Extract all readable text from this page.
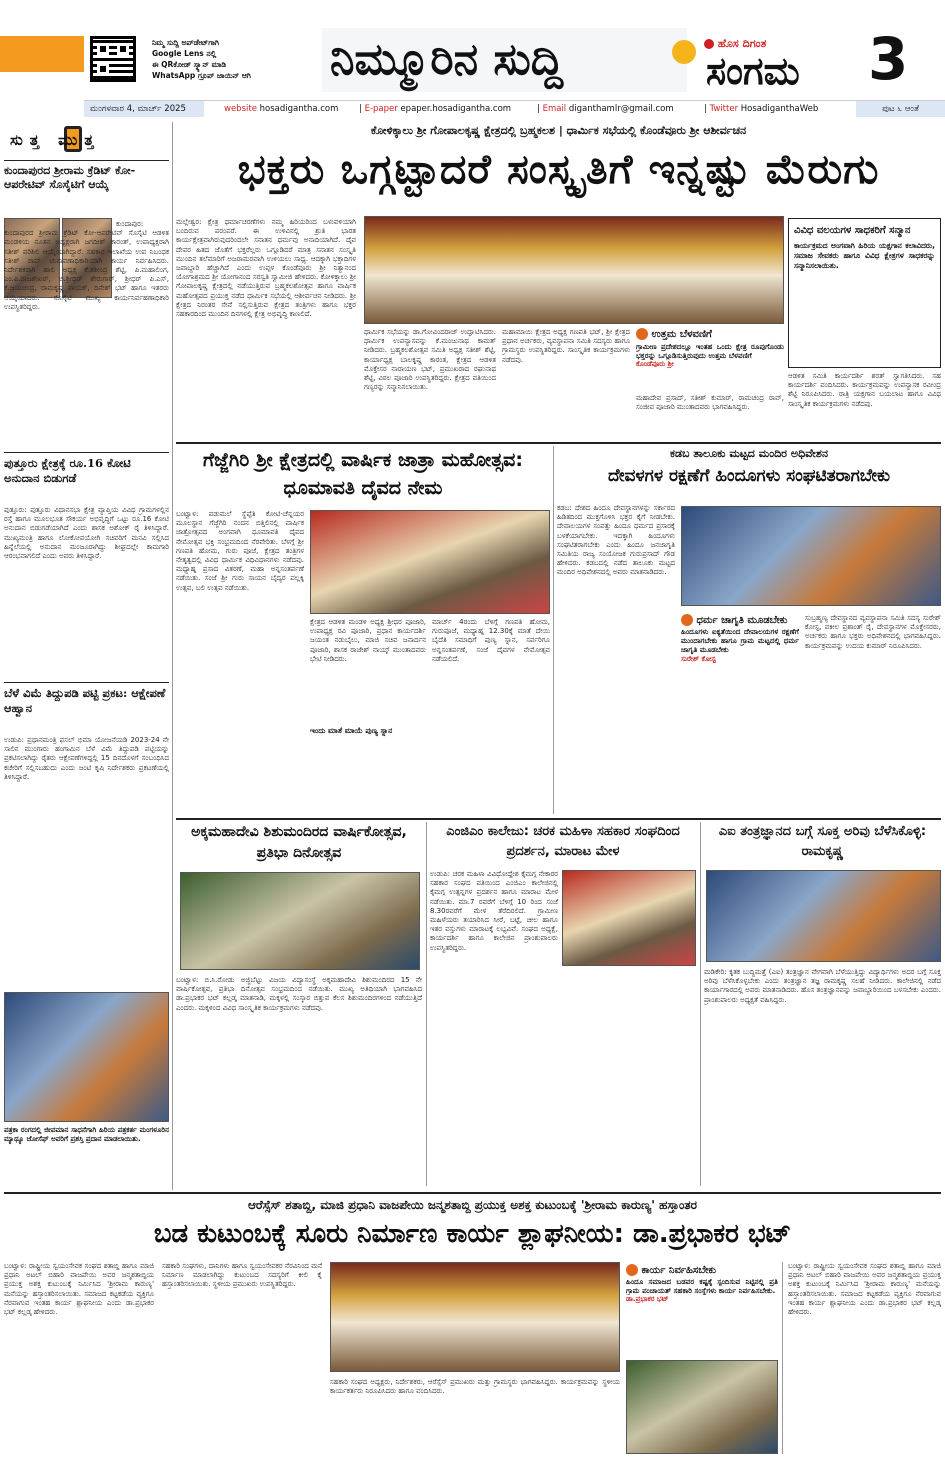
ನಿಮ್ಮ ಸುದ್ದಿ ಅಪ್‌ಡೇಟ್‌ಗಾಗಿ
Google Lens ನಲ್ಲಿ
ಈ QRಕೋಡ್ ಸ್ಕ್ಯಾನ್ ಮಾಡಿ
WhatsApp ಗ್ರೂಪ್ ಜಾಯಿನ್ ಆಗಿ	ನಿಮ್ಮೂರಿನ ಸುದ್ದಿ	ಹೊಸ ದಿಗಂತ
ಸಂಗಮ 3
ಮಂಗಳವಾರ 4, ಮಾರ್ಚ್ 2025	website hosadigantha.com | E-paper epaper.hosadigantha.com	| Email diganthamlr@gmail.com	| Twitter HosadiganthaWeb	ಪುಟ ೬ ಆಂತೆ
ಸುತ್ತ ಮುತ್ತ
ಕುಂದಾಪುರದ ಶ್ರೀರಾಮ ಕ್ರೆಡಿಟ್ ಕೋ-ಆಪರೇಟಿವ್ ಸೊಸೈಟಿಗೆ ಆಯ್ಕೆ
ಕುಂದಾಪುರ: ಕುಂದಾಪುರದ ಶ್ರೀರಾಮ ಕ್ರೆಡಿಟ್ ಕೋ-ಆಪರೇಟಿವ್ ಸೊಸೈಟಿ ಆಡಳಿತ ಮಂಡಳಿಯ ನೂತನ ಅಧ್ಯಕ್ಷರಾಗಿ ಜಗದೀಶ್ ಕಾರಂತ್, ಉಪಾಧ್ಯಕ್ಷರಾಗಿ ಸತೀಶ್ ಪರಿಶಿಲಿ ಆಯ್ಕೆಯಾಗಿದ್ದಾರೆ. ಸಹಕಾರ ಇಲಾಖೆಯ ಉಪ ನಿಬಂಧಕ ಸತೀಶ್ ರಾವ್ ಚುನಾವಣಾಧಿಕಾರಿಯಾಗಿ ಕಾರ್ಯ ನಿರ್ವಹಿಸಿದರು. ನಿರ್ದೇಶಕರಾಗಿ ಹಾಲಿ ಅಧ್ಯಕ್ಷ ಕೆ.ಶಶೀಂದ್ರ ಶೆಟ್ಟಿ, ಪಿ.ಮಹಾಲಿಂಗ, ಎಂ.ಪಿ.ರಾಜಶೇಖರ್, ಬಿ.ಶ್ರೀಧರ್ ಶೇರುಗಾರ್, ಶ್ರೀಧರ್ ಪಿ.ಎಸ್, ಕೆ.ಜಯಚಂದ್ರ, ರಾಮಕೃಷ್ಣ ನಾಯಕ್, ದಿನೇಶ್ ಭಟ್ ಹಾಗೂ ಇತರರು ಆಯ್ಕೆಯಾದರು. ಸೊಸೈಟಿ ಮುಖ್ಯ ಕಾರ್ಯನಿರ್ವಹಣಾಧಿಕಾರಿ ಉಪಸ್ಥಿತರಿದ್ದರು.
ಪುತ್ತೂರು ಕ್ಷೇತ್ರಕ್ಕೆ ರೂ.16 ಕೋಟಿ ಅನುದಾನ ಬಿಡುಗಡೆ
ಪುತ್ತೂರು: ಪುತ್ತೂರು ವಿಧಾನಸಭಾ ಕ್ಷೇತ್ರ ವ್ಯಾಪ್ತಿಯ ವಿವಿಧ ಗ್ರಾಮಗಳಲ್ಲಿನ ರಸ್ತೆ ಹಾಗೂ ಮೂಲಭೂತ ಸೌಕರ್ಯ ಅಭಿವೃದ್ಧಿಗೆ ಒಟ್ಟು ರೂ.16 ಕೋಟಿ ಅನುದಾನ ಬಿಡುಗಡೆಯಾಗಿದೆ ಎಂದು ಶಾಸಕ ಅಶೋಕ್ ರೈ ತಿಳಿಸಿದ್ದಾರೆ. ಮುಖ್ಯಮಂತ್ರಿ ಹಾಗೂ ಲೋಕೋಪಯೋಗಿ ಸಚಿವರಿಗೆ ಮನವಿ ಸಲ್ಲಿಸಿದ ಹಿನ್ನೆಲೆಯಲ್ಲಿ ಅನುದಾನ ಮಂಜೂರಾಗಿದ್ದು ಶೀಘ್ರದಲ್ಲೇ ಕಾಮಗಾರಿ ಆರಂಭವಾಗಲಿದೆ ಎಂದು ಅವರು ತಿಳಿಸಿದ್ದಾರೆ.
ಬೆಳೆ ವಿಮೆ ತಿದ್ದುಪಡಿ ಪಟ್ಟಿ ಪ್ರಕಟ: ಆಕ್ಷೇಪಣೆ ಆಹ್ವಾನ
ಉಡುಪಿ: ಪ್ರಧಾನಮಂತ್ರಿ ಫಸಲ್ ಭಿಮಾ ಯೋಜನೆಯಡಿ 2023-24 ನೇ ಸಾಲಿನ ಮುಂಗಾರು ಹಂಗಾಮಿನ ಬೆಳೆ ವಿಮೆ ತಿದ್ದುಪಡಿ ಪಟ್ಟಿಯನ್ನು ಪ್ರಕಟಿಸಲಾಗಿದ್ದು ರೈತರು ಆಕ್ಷೇಪಣೆಗಳಿದ್ದಲ್ಲಿ 15 ದಿನದೊಳಗೆ ಸಂಬಂಧಿಸಿದ ಕಚೇರಿಗೆ ಸಲ್ಲಿಸಬಹುದು ಎಂದು ಜಂಟಿ ಕೃಷಿ ನಿರ್ದೇಶಕರು ಪ್ರಕಟಣೆಯಲ್ಲಿ ತಿಳಿಸಿದ್ದಾರೆ.
ಪತ್ರಕಾ ರಂಗದಲ್ಲಿ ಜೀವಮಾನ ಸಾಧನೆಗಾಗಿ ಹಿರಿಯ ಪತ್ರಕರ್ತ ಮಂಗಳೂರಿನ ಮ್ಯಾಥ್ಯೂ ಜೋಸೆಫ್ ಅವರಿಗೆ ಪ್ರಶಸ್ತಿ ಪ್ರದಾನ ಮಾಡಲಾಯಿತು.
ಕೋಳಿಕ್ಕಾಲು ಶ್ರೀ ಗೋಪಾಲಕೃಷ್ಣ ಕ್ಷೇತ್ರದಲ್ಲಿ ಬ್ರಹ್ಮಕಲಶ | ಧಾರ್ಮಿಕ ಸಭೆಯಲ್ಲಿ ಕೊಂಡೆವೂರು ಶ್ರೀ ಆಶೀರ್ವಚನ
ಭಕ್ತರು ಒಗ್ಗಟ್ಟಾದರೆ ಸಂಸ್ಕೃತಿಗೆ ಇನ್ನಷ್ಟು ಮೆರುಗು
ಮಲ್ಲೇಶ್ವರ: ಕ್ಷೇತ್ರ ಧರ್ಮಾಚರಣೆಗಳು ನಮ್ಮ ಹಿರಿಯರಿಂದ ಬಳುವಳಿಯಾಗಿ ಬಂದಿರುವ ಪರಂಪರೆ. ಈ ಉಳಿವಿನಲ್ಲಿ ಶ್ರುತಿ ಭಾರತ ಕಾರ್ಯಕ್ಷೇತ್ರವಾಗಿರುವುದರಿಂದಲೇ ಸನಾತನ ಧರ್ಮವು ಅನಾದಿಯಾಗಿದೆ. ದೈವ ದೇವರ ಹಿತದ ಜೊತೆಗೆ ಭಕ್ತರೆಲ್ಲರು ಒಗ್ಗೂಡಿದರೆ ಮಾತ್ರ ಸನಾತನ ಸಂಸ್ಕೃತಿ ಮುಂದಿನ ತಲೆಮಾರಿಗೆ ಅಜರಾಮರವಾಗಿ ಉಳಿಯಲು ಸಾಧ್ಯ. ಆದಕ್ಕಾಗಿ ಭಕ್ತಾದಿಗಳ ಜವಾಬ್ದಾರಿ ಹೆಚ್ಚಾಗಿದೆ ಎಂದು ಉಪ್ಪಳ ಕೊಂಡೆವೂರು ಶ್ರೀ ನಿತ್ಯಾನಂದ ಯೋಗಾಶ್ರಮದ ಶ್ರೀ ಯೋಗಾನಂದ ಸರಸ್ವತಿ ಸ್ವಾಮೀಜಿ ಹೇಳಿದರು. ಕೋಳಿಕ್ಕಾಲು ಶ್ರೀ ಗೋಪಾಲಕೃಷ್ಣ ಕ್ಷೇತ್ರದಲ್ಲಿ ನಡೆಯುತ್ತಿರುವ ಬ್ರಹ್ಮಕಲಶೋತ್ಸವ ಹಾಗೂ ವಾರ್ಷಿಕ ಮಹೋತ್ಸವದ ಪ್ರಯುಕ್ತ ನಡೆದ ಧಾರ್ಮಿಕ ಸಭೆಯಲ್ಲಿ ಆಶೀರ್ವಚನ ನೀಡಿದರು. ಶ್ರೀ ಕ್ಷೇತ್ರದ ನಿರಂತರ ಸೇವೆ ಸಲ್ಲಿಸುತ್ತಿರುವ ಕ್ಷೇತ್ರದ ತಂತ್ರಿಗಳು ಹಾಗೂ ಭಕ್ತರ ಸಹಕಾರದಿಂದ ಮುಂದಿನ ದಿನಗಳಲ್ಲಿ ಕ್ಷೇತ್ರ ಅಭಿವೃದ್ಧಿ ಕಾಣಲಿದೆ.
ವಿವಿಧ ವಲಯಗಳ ಸಾಧಕರಿಗೆ ಸನ್ಮಾನ
ಕಾರ್ಯಕ್ರಮದ ಅಂಗವಾಗಿ ಹಿರಿಯ ಯಕ್ಷಗಾನ ಕಲಾವಿದರು, ಸಮಾಜ ಸೇವಕರು ಹಾಗೂ ವಿವಿಧ ಕ್ಷೇತ್ರಗಳ ಸಾಧಕರನ್ನು ಸನ್ಮಾನಿಸಲಾಯಿತು.
ಧಾರ್ಮಿಕ ಸಭೆಯನ್ನು ಡಾ.ಗೋವಿಂದರಾಜ್ ಉದ್ಘಾಟಿಸಿದರು. ಧಾರ್ಮಿಕ ಉಪನ್ಯಾಸವನ್ನು ಕೆ.ಮಂಜುನಾಥ ಕಾಮತ್ ನೀಡಿದರು. ಬ್ರಹ್ಮಕಲಶೋತ್ಸವ ಸಮಿತಿ ಅಧ್ಯಕ್ಷ ಸತೀಶ್ ಶೆಟ್ಟಿ, ಕಾರ್ಯಾಧ್ಯಕ್ಷ ಬಾಲಕೃಷ್ಣ ಕಾರಂತ, ಕ್ಷೇತ್ರದ ಆಡಳಿತ ಮೊಕ್ತೇಸರ ನಾರಾಯಣ ಭಟ್, ಪ್ರಮುಖರಾದ ರಘುನಾಥ ಶೆಟ್ಟಿ, ವಿಠಲ ಪೂಜಾರಿ ಉಪಸ್ಥಿತರಿದ್ದರು. ಕ್ಷೇತ್ರದ ವತಿಯಿಂದ ಗಣ್ಯರನ್ನು ಸನ್ಮಾನಿಸಲಾಯಿತು.
ಮಹಾಮಾಯಿ ಕ್ಷೇತ್ರದ ಅಧ್ಯಕ್ಷ ಗಣಪತಿ ಭಟ್, ಶ್ರೀ ಕ್ಷೇತ್ರದ ಪ್ರಧಾನ ಅರ್ಚಕರು, ವ್ಯವಸ್ಥಾಪನಾ ಸಮಿತಿ ಸದಸ್ಯರು ಹಾಗೂ ಗ್ರಾಮಸ್ಥರು ಉಪಸ್ಥಿತರಿದ್ದರು. ಸಾಂಸ್ಕೃತಿಕ ಕಾರ್ಯಕ್ರಮಗಳು ನಡೆದವು.
ಉತ್ತಮ ಬೆಳವಣಿಗೆ
ಗ್ರಾಮೀಣ ಪ್ರದೇಶದಲ್ಲೂ ಇಂತಹ ಒಂದು ಕ್ಷೇತ್ರ ರೂಪುಗೊಂಡು ಭಕ್ತರನ್ನು ಒಗ್ಗೂಡಿಸುತ್ತಿರುವುದು ಉತ್ತಮ ಬೆಳವಣಿಗೆ
ಕೊಂಡೆವೂರು ಶ್ರೀ
ಮಹಾದೇವ ಪ್ರಸಾದ್, ಸತೀಶ್ ಕುಮಾರ್, ರಾಮಚಂದ್ರ ರಾವ್, ಸಂಜೀವ ಪೂಜಾರಿ ಮುಂತಾದವರು ಭಾಗವಹಿಸಿದ್ದರು.
ಆಡಳಿತ ಸಮಿತಿ ಕಾರ್ಯದರ್ಶಿ ಶರತ್ ಸ್ವಾಗತಿಸಿದರು. ಸಹ ಕಾರ್ಯದರ್ಶಿ ವಂದಿಸಿದರು. ಕಾರ್ಯಕ್ರಮವನ್ನು ಉಪನ್ಯಾಸಕ ರವೀಂದ್ರ ಶೆಟ್ಟಿ ನಿರೂಪಿಸಿದರು. ರಾತ್ರಿ ಯಕ್ಷಗಾನ ಬಯಲಾಟ ಹಾಗೂ ವಿವಿಧ ಸಾಂಸ್ಕೃತಿಕ ಕಾರ್ಯಕ್ರಮಗಳು ನಡೆದವು.
ಗೆಜ್ಜೆಗಿರಿ ಶ್ರೀ ಕ್ಷೇತ್ರದಲ್ಲಿ ವಾರ್ಷಿಕ ಜಾತ್ರಾ ಮಹೋತ್ಸವ: ಧೂಮಾವತಿ ದೈವದ ನೇಮ
ಬಂಟ್ವಾಳ: ಪಡುಮಲೆ ಸ್ಥೆಪ್ಪೆತಿ ಕೋಟಿ-ಚೆನ್ನಯರ ಮೂಲಸ್ಥಾನ ಗೆಜ್ಜೆಗಿರಿ ನಂದನ ಬಿತ್ತಿಲಿನಲ್ಲಿ ವಾರ್ಷಿಕ ಜಾತ್ರೋತ್ಸವದ ಅಂಗವಾಗಿ ಧೂಮಾವತಿ ದೈವದ ನೇಮೋತ್ಸವ ಭಕ್ತಿ ಸಂಭ್ರಮದಿಂದ ನೆರವೇರಿತು. ಬೆಳಗ್ಗೆ ಶ್ರೀ ಗಣಪತಿ ಹೋಮ, ಗುರು ಪೂಜೆ, ಕ್ಷೇತ್ರದ ತಂತ್ರಿಗಳ ನೇತೃತ್ವದಲ್ಲಿ ವಿವಿಧ ಧಾರ್ಮಿಕ ವಿಧಿವಿಧಾನಗಳು ನಡೆದವು. ಮಧ್ಯಾಹ್ನ ಪ್ರಸಾದ ವಿತರಣೆ, ಮಹಾ ಅನ್ನಸಂತರ್ಪಣೆ ನಡೆಯಿತು. ಸಂಜೆ ಶ್ರೀ ಗುರು ಸಾಯನ ಬೈದ್ಯರ ಪಲ್ಲಕ್ಕಿ ಉತ್ಸವ, ಬಲಿ ಉತ್ಸವ ನಡೆಯಿತು.
ಕ್ಷೇತ್ರದ ಆಡಳಿತ ಮಂಡಳಿ ಅಧ್ಯಕ್ಷ ಶ್ರೀಧರ ಪೂಜಾರಿ, ಉಪಾಧ್ಯಕ್ಷ ರವಿ ಪೂಜಾರಿ, ಪ್ರಧಾನ ಕಾರ್ಯದರ್ಶಿ ಜಯಂತ ನಡುಬೈಲು, ಮಾಜಿ ಸಚಿವ ಜನಾರ್ದನ ಪೂಜಾರಿ, ಶಾಸಕ ರಾಜೇಶ್ ನಾಯ್ಕ್ ಮುಂತಾದವರು ಭೇಟಿ ನೀಡಿದರು.
ಇಂದು ಮಾತೆ ಮಾಯೆ ಪುಣ್ಯ ಸ್ನಾನ
ಮಾರ್ಚ್ 4ರಂದು ಬೆಳಿಗ್ಗೆ ಗಣಪತಿ ಹೋಮ, ಗುರುಪೂಜೆ, ಮಧ್ಯಾಹ್ನ 12.30ಕ್ಕೆ ಮಾತೆ ದೇಯಿ ಬೈದೆತಿ ಸಮಾಧಿಗೆ ಪುಣ್ಯ ಸ್ನಾನ, ಸರ್ವರಿಗೂ ಅನ್ನಸಂತರ್ಪಣೆ, ಸಂಜೆ ದೈವಗಳ ನೇಮೋತ್ಸವ ನಡೆಯಲಿದೆ.
ಕಡಬ ತಾಲೂಕು ಮಟ್ಟದ ಮಂದಿರ ಅಧಿವೇಶನ
ದೇವಳಗಳ ರಕ್ಷಣೆಗೆ ಹಿಂದೂಗಳು ಸಂಘಟಿತರಾಗಬೇಕು
ಕಡಬ: ದೇಶದ ಹಿಂದೂ ದೇವಸ್ಥಾನಗಳನ್ನು ಸರ್ಕಾರದ ಹಿಡಿತದಿಂದ ಮುಕ್ತಗೊಳಿಸಿ ಭಕ್ತರ ಕೈಗೆ ನೀಡಬೇಕು. ದೇವಾಲಯಗಳ ಸಂಪತ್ತು ಹಿಂದೂ ಧರ್ಮದ ಪ್ರಸಾರಕ್ಕೆ ಬಳಕೆಯಾಗಬೇಕು. ಇದಕ್ಕಾಗಿ ಹಿಂದೂಗಳು ಸಂಘಟಿತರಾಗಬೇಕು ಎಂದು ಹಿಂದೂ ಜನಜಾಗೃತಿ ಸಮಿತಿಯ ರಾಜ್ಯ ಸಂಯೋಜಕ ಗುರುಪ್ರಸಾದ್ ಗೌಡ ಹೇಳಿದರು. ಕಡಬದಲ್ಲಿ ನಡೆದ ತಾಲೂಕು ಮಟ್ಟದ ಮಂದಿರ ಅಧಿವೇಶನದಲ್ಲಿ ಅವರು ಮಾತನಾಡಿದರು.
ಧರ್ಮ ಜಾಗೃತಿ ಮೂಡಬೇಕು
ಹಿಂದೂಗಳು ಐಕ್ಯತೆಯಿಂದ ದೇವಾಲಯಗಳ ರಕ್ಷಣೆಗೆ ಮುಂದಾಗಬೇಕು ಹಾಗೂ ಗ್ರಾಮ ಮಟ್ಟದಲ್ಲಿ ಧರ್ಮ ಜಾಗೃತಿ ಮೂಡಬೇಕು
ಸುರೇಶ್ ಕೋಸ್ಟ
ಸುಬ್ರಹ್ಮಣ್ಯ ದೇವಸ್ಥಾನದ ವ್ಯವಸ್ಥಾಪನಾ ಸಮಿತಿ ಸದಸ್ಯ ಸುರೇಶ್ ಕೋಸ್ಟ, ವಕೀಲ ಪ್ರಶಾಂತ್ ರೈ, ದೇವಸ್ಥಾನಗಳ ಮೊಕ್ತೇಸರರು, ಅರ್ಚಕರು ಹಾಗೂ ಭಕ್ತರು ಅಧಿವೇಶನದಲ್ಲಿ ಭಾಗವಹಿಸಿದ್ದರು. ಕಾರ್ಯಕ್ರಮವನ್ನು ಉದಯ ಕುಮಾರ್ ನಿರೂಪಿಸಿದರು.
ಅಕ್ಕಮಹಾದೇವಿ ಶಿಶುಮಂದಿರದ ವಾರ್ಷಿಕೋತ್ಸವ, ಪ್ರತಿಭಾ ದಿನೋತ್ಸವ
ಬಂಟ್ವಾಳ: ಬಿ.ಸಿ.ರೋಡು ಅಜ್ಜಿಬೆಟ್ಟು ವಿಜಯ ವಿದ್ಯಾಸಂಸ್ಥೆ ಅಕ್ಕಮಹಾದೇವಿ ಶಿಶುಮಂದಿರದ 15 ನೇ ವಾರ್ಷಿಕೋತ್ಸವ, ಪ್ರತಿಭಾ ದಿನೋತ್ಸವ ಸಂಭ್ರಮದಿಂದ ನಡೆಯಿತು. ಮುಖ್ಯ ಅತಿಥಿಯಾಗಿ ಭಾಗವಹಿಸಿದ ಡಾ.ಪ್ರಭಾಕರ ಭಟ್ ಕಲ್ಲಡ್ಕ ಮಾತನಾಡಿ, ಮಕ್ಕಳಲ್ಲಿ ಸಂಸ್ಕಾರ ಬಿತ್ತುವ ಕೆಲಸ ಶಿಶುಮಂದಿರಗಳಿಂದ ನಡೆಯುತ್ತಿದೆ ಎಂದರು. ಮಕ್ಕಳಿಂದ ವಿವಿಧ ಸಾಂಸ್ಕೃತಿಕ ಕಾರ್ಯಕ್ರಮಗಳು ನಡೆದವು.
ಎಂಜಿಎಂ ಕಾಲೇಜು: ಚರಕ ಮಹಿಳಾ ಸಹಕಾರ ಸಂಘದಿಂದ ಪ್ರದರ್ಶನ, ಮಾರಾಟ ಮೇಳ
ಉಡುಪಿ: ಚರಕ ಮಹಿಳಾ ವಿವಿಧೋದ್ದೇಶ ಕೈಮಗ್ಗ ನೇಕಾರರ ಸಹಕಾರ ಸಂಘದ ವತಿಯಿಂದ ಎಂಜಿಎಂ ಕಾಲೇಜಿನಲ್ಲಿ ಕೈಮಗ್ಗ ಉತ್ಪನ್ನಗಳ ಪ್ರದರ್ಶನ ಹಾಗೂ ಮಾರಾಟ ಮೇಳ ನಡೆಯಿತು. ಮಾ.7 ರವರೆಗೆ ಬೆಳಿಗ್ಗೆ 10 ರಿಂದ ಸಂಜೆ 8.30ರವರೆಗೆ ಮೇಳ ತೆರೆದಿರಲಿದೆ. ಗ್ರಾಮೀಣ ಮಹಿಳೆಯರು ತಯಾರಿಸಿದ ಸೀರೆ, ಬಟ್ಟೆ, ಚೀಲ ಹಾಗೂ ಇತರ ವಸ್ತುಗಳು ಮಾರಾಟಕ್ಕೆ ಲಭ್ಯವಿವೆ. ಸಂಘದ ಅಧ್ಯಕ್ಷೆ, ಕಾರ್ಯದರ್ಶಿ ಹಾಗೂ ಕಾಲೇಜಿನ ಪ್ರಾಂಶುಪಾಲರು ಉಪಸ್ಥಿತರಿದ್ದರು.
ಎಐ ತಂತ್ರಜ್ಞಾನದ ಬಗ್ಗೆ ಸೂಕ್ತ ಅರಿವು ಬೆಳೆಸಿಕೊಳ್ಳಿ: ರಾಮಕೃಷ್ಣ
ಮಡಿಕೇರಿ: ಕೃತಕ ಬುದ್ಧಿಮತ್ತೆ (ಎಐ) ತಂತ್ರಜ್ಞಾನ ವೇಗವಾಗಿ ಬೆಳೆಯುತ್ತಿದ್ದು ವಿದ್ಯಾರ್ಥಿಗಳು ಅದರ ಬಗ್ಗೆ ಸೂಕ್ತ ಅರಿವು ಬೆಳೆಸಿಕೊಳ್ಳಬೇಕು ಎಂದು ತಂತ್ರಜ್ಞಾನ ತಜ್ಞ ರಾಮಕೃಷ್ಣ ಸಲಹೆ ನೀಡಿದರು. ಕಾಲೇಜಿನಲ್ಲಿ ನಡೆದ ಕಾರ್ಯಾಗಾರದಲ್ಲಿ ಅವರು ಮಾತನಾಡಿದರು. ಹೊಸ ತಂತ್ರಜ್ಞಾನವನ್ನು ಜವಾಬ್ದಾರಿಯಿಂದ ಬಳಸಬೇಕು ಎಂದರು. ಪ್ರಾಂಶುಪಾಲರು ಅಧ್ಯಕ್ಷತೆ ವಹಿಸಿದ್ದರು.
ಆರೆಸ್ಸೆಸ್ ಶತಾಬ್ದಿ, ಮಾಜಿ ಪ್ರಧಾನಿ ವಾಜಪೇಯಿ ಜನ್ಮಶತಾಬ್ದಿ ಪ್ರಯುಕ್ತ ಅಶಕ್ತ ಕುಟುಂಬಕ್ಕೆ 'ಶ್ರೀರಾಮ ಕಾರುಣ್ಯ' ಹಸ್ತಾಂತರ
ಬಡ ಕುಟುಂಬಕ್ಕೆ ಸೂರು ನಿರ್ಮಾಣ ಕಾರ್ಯ ಶ್ಲಾಘನೀಯ: ಡಾ.ಪ್ರಭಾಕರ ಭಟ್
ಬಂಟ್ವಾಳ: ರಾಷ್ಟ್ರೀಯ ಸ್ವಯಂಸೇವಕ ಸಂಘದ ಶತಾಬ್ದಿ ಹಾಗೂ ಮಾಜಿ ಪ್ರಧಾನಿ ಅಟಲ್ ಬಿಹಾರಿ ವಾಜಪೇಯಿ ಅವರ ಜನ್ಮಶತಾಬ್ದಿಯ ಪ್ರಯುಕ್ತ ಅಶಕ್ತ ಕುಟುಂಬಕ್ಕೆ ನಿರ್ಮಿಸಿದ 'ಶ್ರೀರಾಮ ಕಾರುಣ್ಯ' ಮನೆಯನ್ನು ಹಸ್ತಾಂತರಿಸಲಾಯಿತು. ಸಮಾಜದ ಕಟ್ಟಕಡೆಯ ವ್ಯಕ್ತಿಗೂ ನೆರವಾಗುವ ಇಂತಹ ಕಾರ್ಯ ಶ್ಲಾಘನೀಯ ಎಂದು ಡಾ.ಪ್ರಭಾಕರ ಭಟ್ ಕಲ್ಲಡ್ಕ ಹೇಳಿದರು.
ಸಹಕಾರಿ ಸಂಘಗಳು, ದಾನಿಗಳು ಹಾಗೂ ಸ್ವಯಂಸೇವಕರ ನೆರವಿನಿಂದ ಮನೆ ನಿರ್ಮಾಣ ಮಾಡಲಾಗಿದ್ದು ಕುಟುಂಬದ ಸದಸ್ಯರಿಗೆ ಕೀಲಿ ಕೈ ಹಸ್ತಾಂತರಿಸಲಾಯಿತು. ಸ್ಥಳೀಯ ಪ್ರಮುಖರು ಉಪಸ್ಥಿತರಿದ್ದರು.
ಸಹಕಾರಿ ಸಂಘದ ಅಧ್ಯಕ್ಷರು, ನಿರ್ದೇಶಕರು, ಆರೆಸ್ಸೆಸ್ ಪ್ರಮುಖರು ಮತ್ತು ಗ್ರಾಮಸ್ಥರು ಭಾಗವಹಿಸಿದ್ದರು. ಕಾರ್ಯಕ್ರಮವನ್ನು ಸ್ಥಳೀಯ ಕಾರ್ಯಕರ್ತರು ನಿರೂಪಿಸಿದರು ಹಾಗೂ ವಂದಿಸಿದರು.
ಕಾರ್ಯ ನಿರ್ವಹಿಸಬೇಕು
ಹಿಂದೂ ಸಮಾಜದ ಬಡವರ ಕಷ್ಟಕ್ಕೆ ಸ್ಪಂದಿಸುವ ನಿಟ್ಟಿನಲ್ಲಿ ಪ್ರತಿ ಗ್ರಾಮ ಪಂಚಾಯತ್ ಸಹಕಾರಿ ಸಂಸ್ಥೆಗಳು ಕಾರ್ಯ ನಿರ್ವಹಿಸಬೇಕು.
ಡಾ.ಪ್ರಭಾಕರ ಭಟ್
ಬಂಟ್ವಾಳ: ರಾಷ್ಟ್ರೀಯ ಸ್ವಯಂಸೇವಕ ಸಂಘದ ಶತಾಬ್ದಿ ಹಾಗೂ ಮಾಜಿ ಪ್ರಧಾನಿ ಅಟಲ್ ಬಿಹಾರಿ ವಾಜಪೇಯಿ ಅವರ ಜನ್ಮಶತಾಬ್ದಿಯ ಪ್ರಯುಕ್ತ ಅಶಕ್ತ ಕುಟುಂಬಕ್ಕೆ ನಿರ್ಮಿಸಿದ 'ಶ್ರೀರಾಮ ಕಾರುಣ್ಯ' ಮನೆಯನ್ನು ಹಸ್ತಾಂತರಿಸಲಾಯಿತು. ಸಮಾಜದ ಕಟ್ಟಕಡೆಯ ವ್ಯಕ್ತಿಗೂ ನೆರವಾಗುವ ಇಂತಹ ಕಾರ್ಯ ಶ್ಲಾಘನೀಯ ಎಂದು ಡಾ.ಪ್ರಭಾಕರ ಭಟ್ ಕಲ್ಲಡ್ಕ ಹೇಳಿದರು.
